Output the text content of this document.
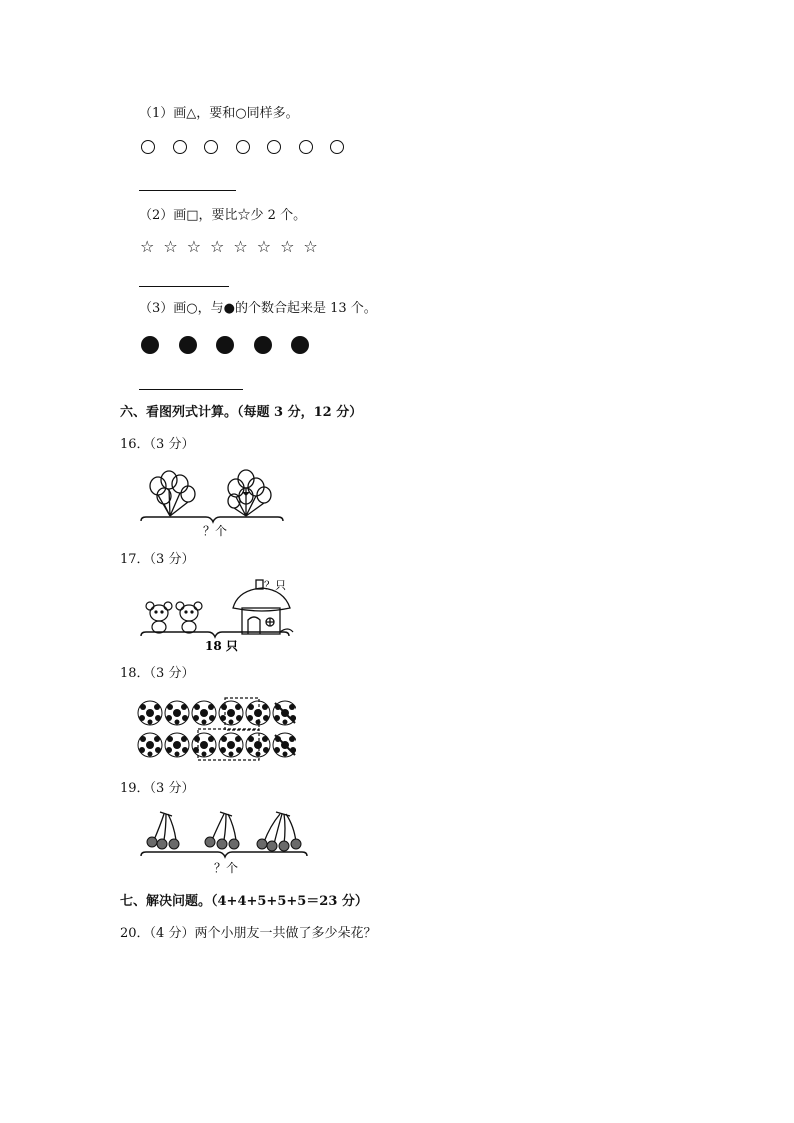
（1）画△，要和○同样多。
（2）画□，要比☆少 2 个。
☆ ☆ ☆ ☆ ☆ ☆ ☆ ☆
（3）画○，与●的个数合起来是 13 个。
六、看图列式计算。（每题 3 分，12 分）
16．（3 分）
？个
17．（3 分）
？只
18 只
18．（3 分）
19．（3 分）
？个
七、解决问题。（4+4+5+5+5＝23 分）
20．（4 分）两个小朋友一共做了多少朵花？
